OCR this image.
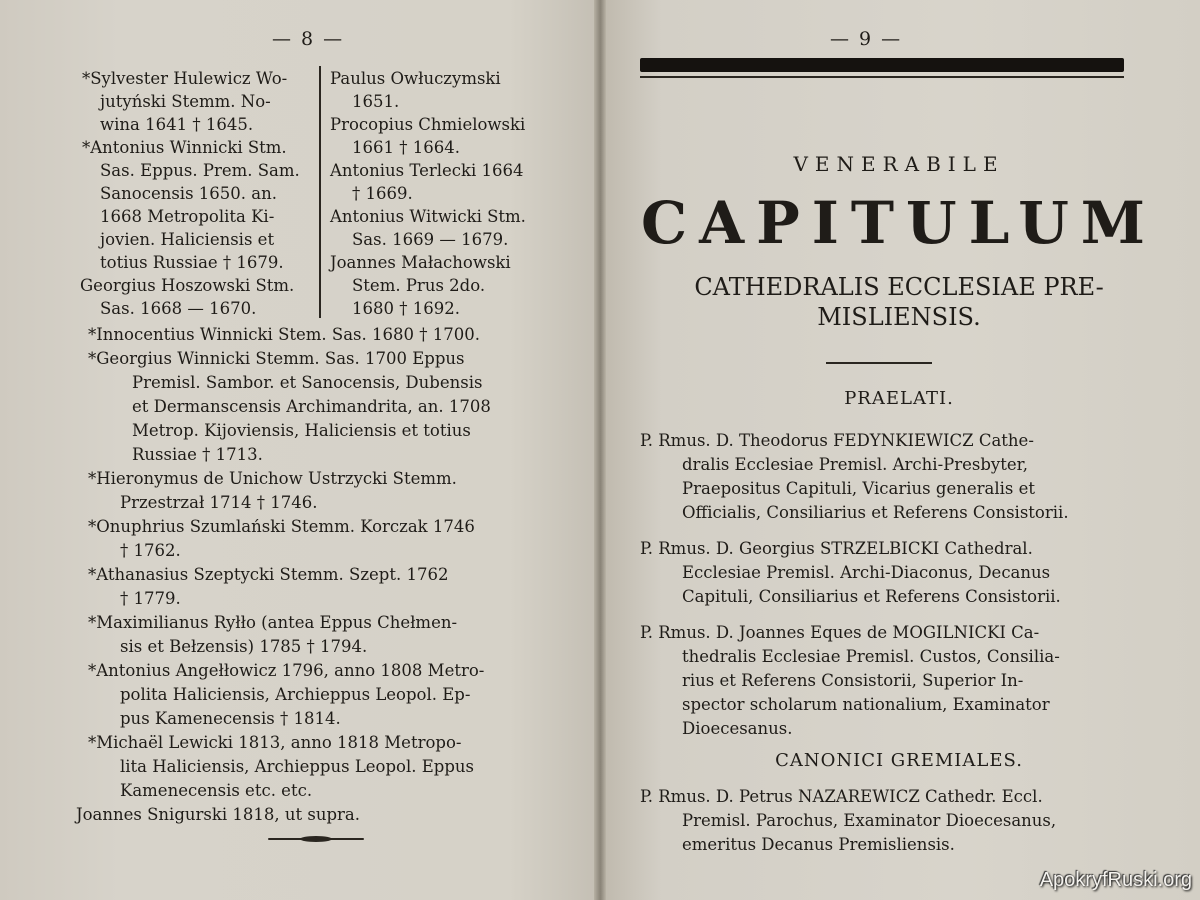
— 8 —
*Sylvester Hulewicz Wo-
jutyński Stemm. No-
wina 1641 † 1645.
*Antonius Winnicki Stm.
Sas. Eppus. Prem. Sam.
Sanocensis 1650. an.
1668 Metropolita Ki-
jovien. Haliciensis et
totius Russiae † 1679.
Georgius Hoszowski Stm.
Sas. 1668 — 1670.
Paulus Owłuczymski
1651.
Procopius Chmielowski
1661 † 1664.
Antonius Terlecki 1664
† 1669.
Antonius Witwicki Stm.
Sas. 1669 — 1679.
Joannes Małachowski
Stem. Prus 2do.
1680 † 1692.
*Innocentius Winnicki Stem. Sas. 1680 † 1700.
*Georgius Winnicki Stemm. Sas. 1700 Eppus
Premisl. Sambor. et Sanocensis, Dubensis
et Dermanscensis Archimandrita, an. 1708
Metrop. Kijoviensis, Haliciensis et totius
Russiae † 1713.
*Hieronymus de Unichow Ustrzycki Stemm.
Przestrzał 1714 † 1746.
*Onuphrius Szumlański Stemm. Korczak 1746
† 1762.
*Athanasius Szeptycki Stemm. Szept. 1762
† 1779.
*Maximilianus Ryłło (antea Eppus Chełmen-
sis et Bełzensis) 1785 † 1794.
*Antonius Angełłowicz 1796, anno 1808 Metro-
polita Haliciensis, Archieppus Leopol. Ep-
pus Kamenecensis † 1814.
*Michaël Lewicki 1813, anno 1818 Metropo-
lita Haliciensis, Archieppus Leopol. Eppus
Kamenecensis etc. etc.
Joannes Snigurski 1818, ut supra.
— 9 —
VENERABILE
CAPITULUM
CATHEDRALIS ECCLESIAE PRE-
MISLIENSIS.
PRAELATI.
P. Rmus. D. Theodorus FEDYNKIEWICZ Cathe-
dralis Ecclesiae Premisl. Archi-Presbyter,
Praepositus Capituli, Vicarius generalis et
Officialis, Consiliarius et Referens Consistorii.
P. Rmus. D. Georgius STRZELBICKI Cathedral.
Ecclesiae Premisl. Archi-Diaconus, Decanus
Capituli, Consiliarius et Referens Consistorii.
P. Rmus. D. Joannes Eques de MOGILNICKI Ca-
thedralis Ecclesiae Premisl. Custos, Consilia-
rius et Referens Consistorii, Superior In-
spector scholarum nationalium, Examinator
Dioecesanus.
CANONICI GREMIALES.
P. Rmus. D. Petrus NAZAREWICZ Cathedr. Eccl.
Premisl. Parochus, Examinator Dioecesanus,
emeritus Decanus Premisliensis.
ApokryfRuski.org
